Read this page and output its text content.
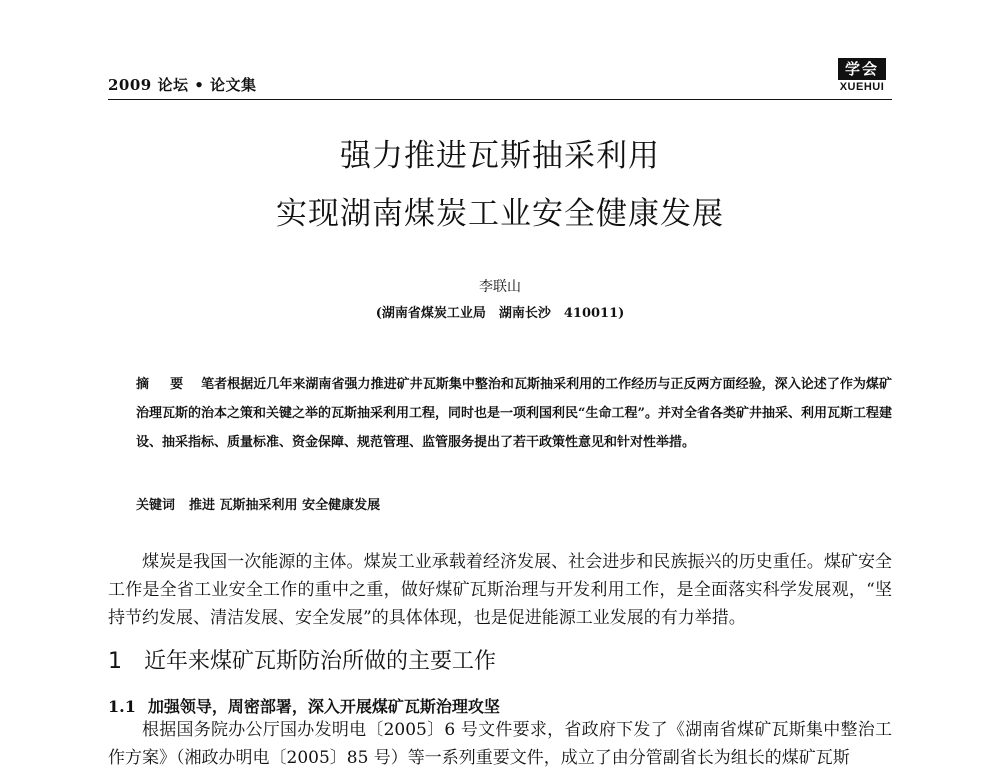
2009 论坛 • 论文集
学会
XUEHUI
强力推进瓦斯抽采利用
实现湖南煤炭工业安全健康发展
李联山
(湖南省煤炭工业局　湖南长沙　410011)
摘　要 笔者根据近几年来湖南省强力推进矿井瓦斯集中整治和瓦斯抽采利用的工作经历与正反两方面经验，深入论述了作为煤矿治理瓦斯的治本之策和关键之举的瓦斯抽采利用工程，同时也是一项利国利民“生命工程”。并对全省各类矿井抽采、利用瓦斯工程建设、抽采指标、质量标准、资金保障、规范管理、监管服务提出了若干政策性意见和针对性举措。
关键词 推进 瓦斯抽采利用 安全健康发展
煤炭是我国一次能源的主体。煤炭工业承载着经济发展、社会进步和民族振兴的历史重任。煤矿安全工作是全省工业安全工作的重中之重，做好煤矿瓦斯治理与开发利用工作，是全面落实科学发展观，“坚持节约发展、清洁发展、安全发展”的具体体现，也是促进能源工业发展的有力举措。
1 近年来煤矿瓦斯防治所做的主要工作
1.1 加强领导，周密部署，深入开展煤矿瓦斯治理攻坚
根据国务院办公厅国办发明电〔2005〕6 号文件要求，省政府下发了《湖南省煤矿瓦斯集中整治工作方案》（湘政办明电〔2005〕85 号）等一系列重要文件，成立了由分管副省长为组长的煤矿瓦斯
